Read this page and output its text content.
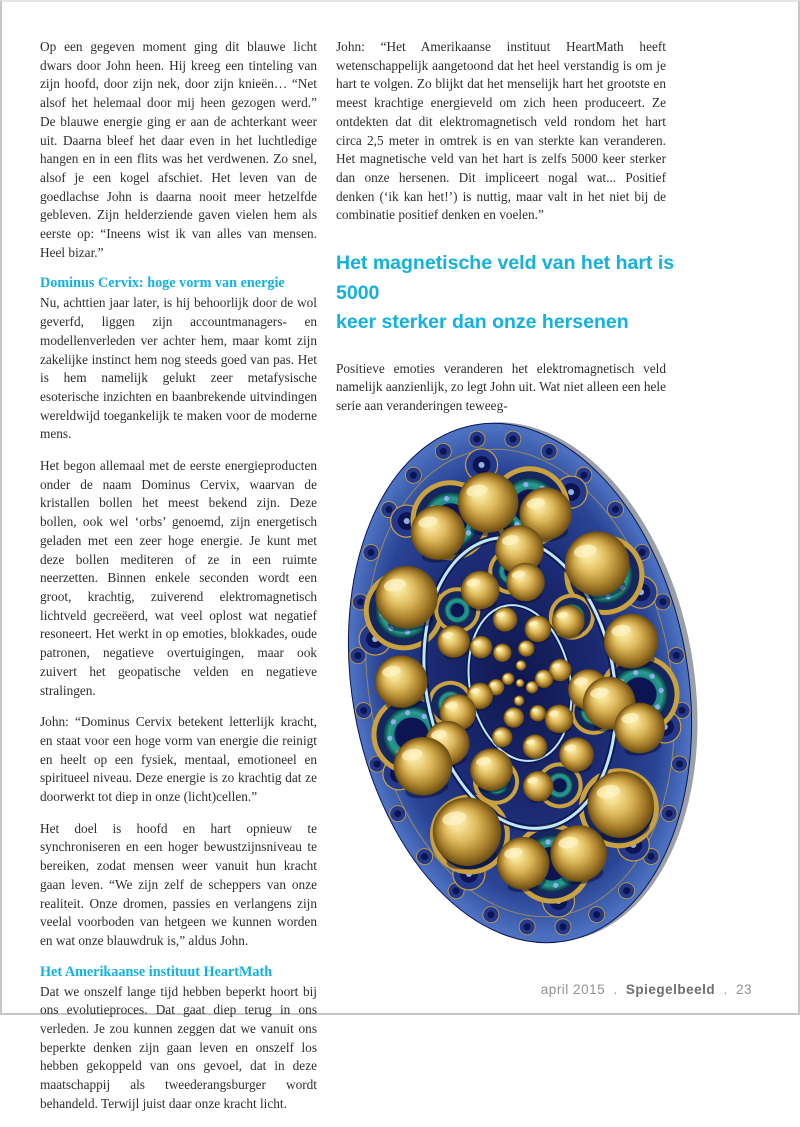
Op een gegeven moment ging dit blauwe licht dwars door John heen. Hij kreeg een tinteling van zijn hoofd, door zijn nek, door zijn knieën… “Net alsof het helemaal door mij heen gezogen werd.” De blauwe energie ging er aan de achterkant weer uit. Daarna bleef het daar even in het luchtledige hangen en in een flits was het verdwenen. Zo snel, alsof je een kogel afschiet. Het leven van de goedlachse John is daarna nooit meer hetzelfde gebleven. Zijn helderziende gaven vielen hem als eerste op: “Ineens wist ik van alles van mensen. Heel bizar.”

Dominus Cervix: hoge vorm van energie

Nu, achttien jaar later, is hij behoorlijk door de wol geverfd, liggen zijn accountmanagers- en modellenverleden ver achter hem, maar komt zijn zakelijke instinct hem nog steeds goed van pas. Het is hem namelijk gelukt zeer metafysische esoterische inzichten en baanbrekende uitvindingen wereldwijd toegankelijk te maken voor de moderne mens.

Het begon allemaal met de eerste energieproducten onder de naam Dominus Cervix, waarvan de kristallen bollen het meest bekend zijn. Deze bollen, ook wel ‘orbs’ genoemd, zijn energetisch geladen met een zeer hoge energie. Je kunt met deze bollen mediteren of ze in een ruimte neerzetten. Binnen enkele seconden wordt een groot, krachtig, zuiverend elektromagnetisch lichtveld gecreëerd, wat veel oplost wat negatief resoneert. Het werkt in op emoties, blokkades, oude patronen, negatieve overtuigingen, maar ook zuivert het geopatische velden en negatieve stralingen.

John: “Dominus Cervix betekent letterlijk kracht, en staat voor een hoge vorm van energie die reinigt en heelt op een fysiek, mentaal, emotioneel en spiritueel niveau. Deze energie is zo krachtig dat ze doorwerkt tot diep in onze (licht)cellen.”

Het doel is hoofd en hart opnieuw te synchroniseren en een hoger bewustzijnsniveau te bereiken, zodat mensen weer vanuit hun kracht gaan leven. “We zijn zelf de scheppers van onze realiteit. Onze dromen, passies en verlangens zijn veelal voorboden van hetgeen we kunnen worden en wat onze blauwdruk is,” aldus John.

Het Amerikaanse instituut HeartMath

Dat we onszelf lange tijd hebben beperkt hoort bij ons evolutieproces. Dat gaat diep terug in ons verleden. Je zou kunnen zeggen dat we vanuit ons beperkte denken zijn gaan leven en onszelf los hebben gekoppeld van ons gevoel, dat in deze maatschappij als tweederangsburger wordt behandeld. Terwijl juist daar onze kracht licht.

John: “Het Amerikaanse instituut HeartMath heeft wetenschappelijk aangetoond dat het heel verstandig is om je hart te volgen. Zo blijkt dat het menselijk hart het grootste en meest krachtige energieveld om zich heen produceert. Ze ontdekten dat dit elektromagnetisch veld rondom het hart circa 2,5 meter in omtrek is en van sterkte kan veranderen. Het magnetische veld van het hart is zelfs 5000 keer sterker dan onze hersenen. Dit impliceert nogal wat... Positief denken (‘ik kan het!’) is nuttig, maar valt in het niet bij de combinatie positief denken en voelen.”

Het magnetische veld van het hart is 5000
keer sterker dan onze hersenen

Positieve emoties veranderen het elektromagnetisch veld namelijk aanzienlijk, zo legt John uit. Wat niet alleen een hele serie aan veranderingen teweeg-

april 2015 . Spiegelbeeld . 23
